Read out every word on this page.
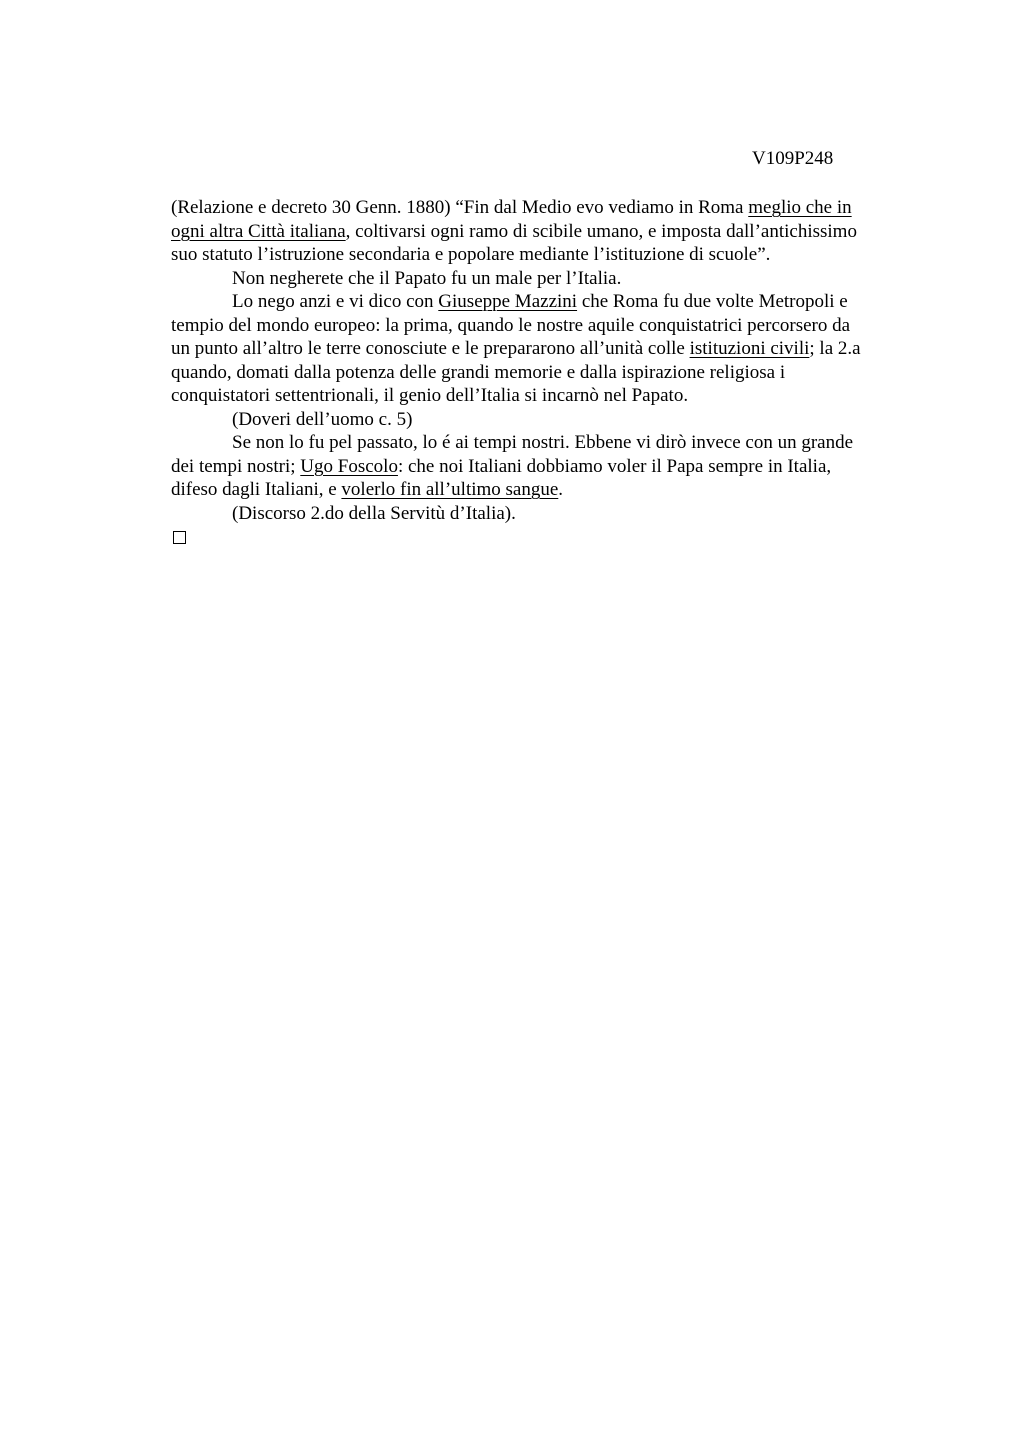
V109P248
(Relazione e decreto 30 Genn. 1880) “Fin dal Medio evo vediamo in Roma meglio che in
ogni altra Città italiana, coltivarsi ogni ramo di scibile umano, e imposta dall’antichissimo
suo statuto l’istruzione secondaria e popolare mediante l’istituzione di scuole”.
Non negherete che il Papato fu un male per l’Italia.
Lo nego anzi e vi dico con Giuseppe Mazzini che Roma fu due volte Metropoli e
tempio del mondo europeo: la prima, quando le nostre aquile conquistatrici percorsero da
un punto all’altro le terre conosciute e le prepararono all’unità colle istituzioni civili; la 2.a
quando, domati dalla potenza delle grandi memorie e dalla ispirazione religiosa i
conquistatori settentrionali, il genio dell’Italia si incarnò nel Papato.
(Doveri dell’uomo c. 5)
Se non lo fu pel passato, lo é ai tempi nostri. Ebbene vi dirò invece con un grande
dei tempi nostri; Ugo Foscolo: che noi Italiani dobbiamo voler il Papa sempre in Italia,
difeso dagli Italiani, e volerlo fin all’ultimo sangue.
(Discorso 2.do della Servitù d’Italia).
